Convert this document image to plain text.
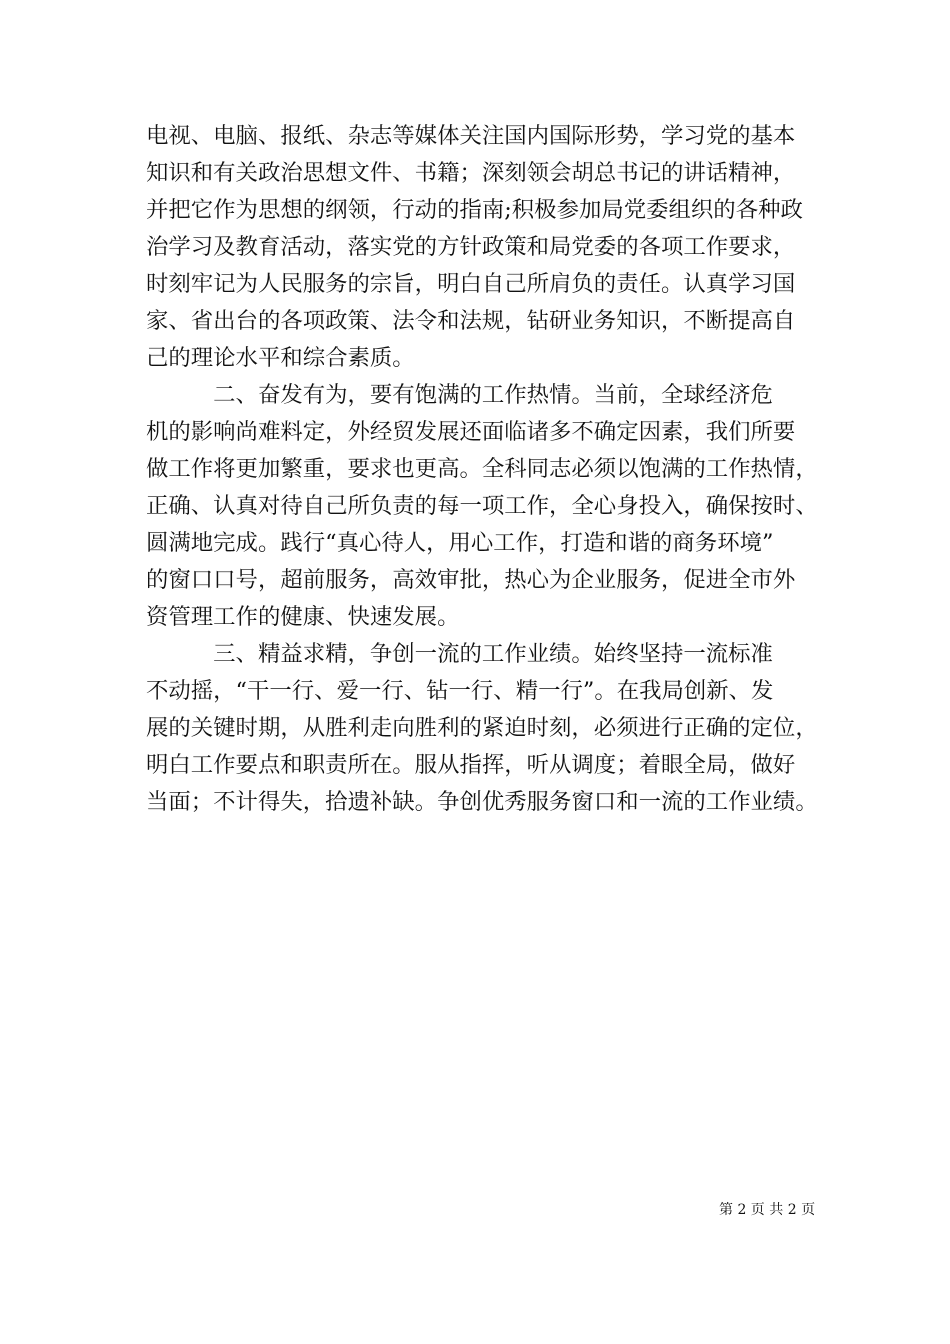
电视、电脑、报纸、杂志等媒体关注国内国际形势，学习党的基本
知识和有关政治思想文件、书籍；深刻领会胡总书记的讲话精神，
并把它作为思想的纲领，行动的指南;积极参加局党委组织的各种政
治学习及教育活动，落实党的方针政策和局党委的各项工作要求，
时刻牢记为人民服务的宗旨，明白自己所肩负的责任。认真学习国
家、省出台的各项政策、法令和法规，钻研业务知识，不断提高自
己的理论水平和综合素质。
　　　二、奋发有为，要有饱满的工作热情。当前，全球经济危
机的影响尚难料定，外经贸发展还面临诸多不确定因素，我们所要
做工作将更加繁重，要求也更高。全科同志必须以饱满的工作热情，
正确、认真对待自己所负责的每一项工作，全心身投入，确保按时、
圆满地完成。践行“真心待人，用心工作，打造和谐的商务环境”
的窗口口号，超前服务，高效审批，热心为企业服务，促进全市外
资管理工作的健康、快速发展。
　　　三、精益求精，争创一流的工作业绩。始终坚持一流标准
不动摇，“干一行、爱一行、钻一行、精一行”。在我局创新、发
展的关键时期，从胜利走向胜利的紧迫时刻，必须进行正确的定位，
明白工作要点和职责所在。服从指挥，听从调度；着眼全局，做好
当面；不计得失，拾遗补缺。争创优秀服务窗口和一流的工作业绩。
第 2 页 共 2 页
